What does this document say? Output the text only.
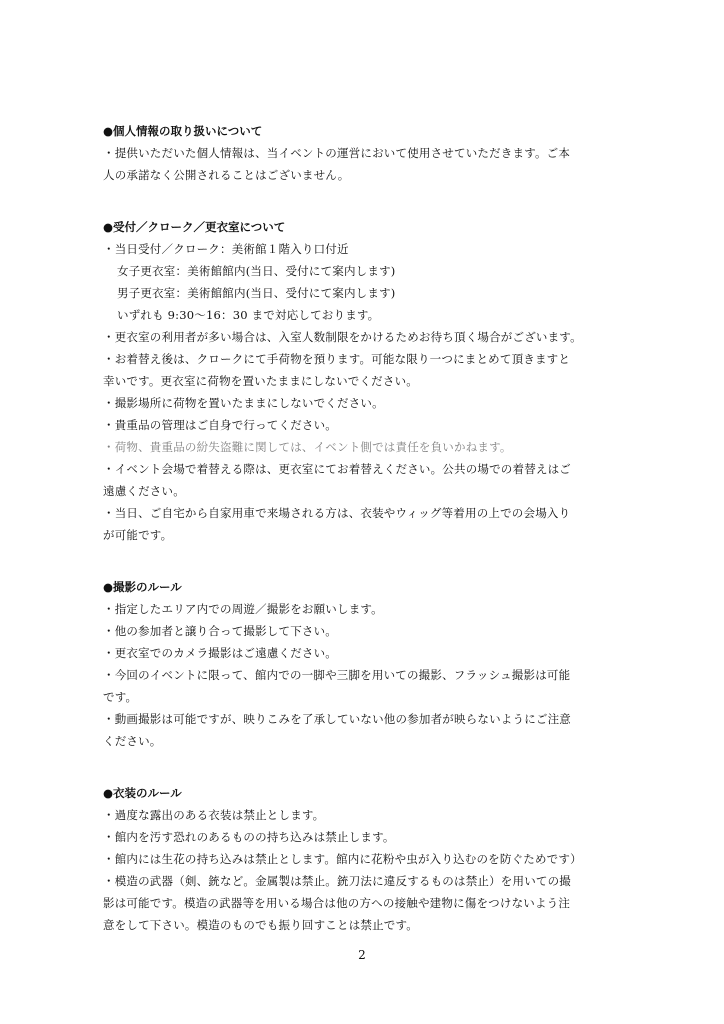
●個人情報の取り扱いについて
・提供いただいた個人情報は、当イベントの運営において使用させていただきます。ご本
人の承諾なく公開されることはございません。
●受付／クローク／更衣室について
・当日受付／クローク：美術館１階入り口付近
女子更衣室：美術館館内(当日、受付にて案内します)
男子更衣室：美術館館内(当日、受付にて案内します)
いずれも 9:30〜16：30 まで対応しております。
・更衣室の利用者が多い場合は、入室人数制限をかけるためお待ち頂く場合がございます。
・お着替え後は、クロークにて手荷物を預ります。可能な限り一つにまとめて頂きますと
幸いです。更衣室に荷物を置いたままにしないでください。
・撮影場所に荷物を置いたままにしないでください。
・貴重品の管理はご自身で行ってください。
・荷物、貴重品の紛失盗難に関しては、イベント側では責任を負いかねます。
・イベント会場で着替える際は、更衣室にてお着替えください。公共の場での着替えはご
遠慮ください。
・当日、ご自宅から自家用車で来場される方は、衣装やウィッグ等着用の上での会場入り
が可能です。
●撮影のルール
・指定したエリア内での周遊／撮影をお願いします。
・他の参加者と譲り合って撮影して下さい。
・更衣室でのカメラ撮影はご遠慮ください。
・今回のイベントに限って、館内での一脚や三脚を用いての撮影、フラッシュ撮影は可能
です。
・動画撮影は可能ですが、映りこみを了承していない他の参加者が映らないようにご注意
ください。
●衣装のルール
・過度な露出のある衣装は禁止とします。
・館内を汚す恐れのあるものの持ち込みは禁止します。
・館内には生花の持ち込みは禁止とします。館内に花粉や虫が入り込むのを防ぐためです）
・模造の武器（剣、銃など。金属製は禁止。銃刀法に違反するものは禁止）を用いての撮
影は可能です。模造の武器等を用いる場合は他の方への接触や建物に傷をつけないよう注
意をして下さい。模造のものでも振り回すことは禁止です。
2
